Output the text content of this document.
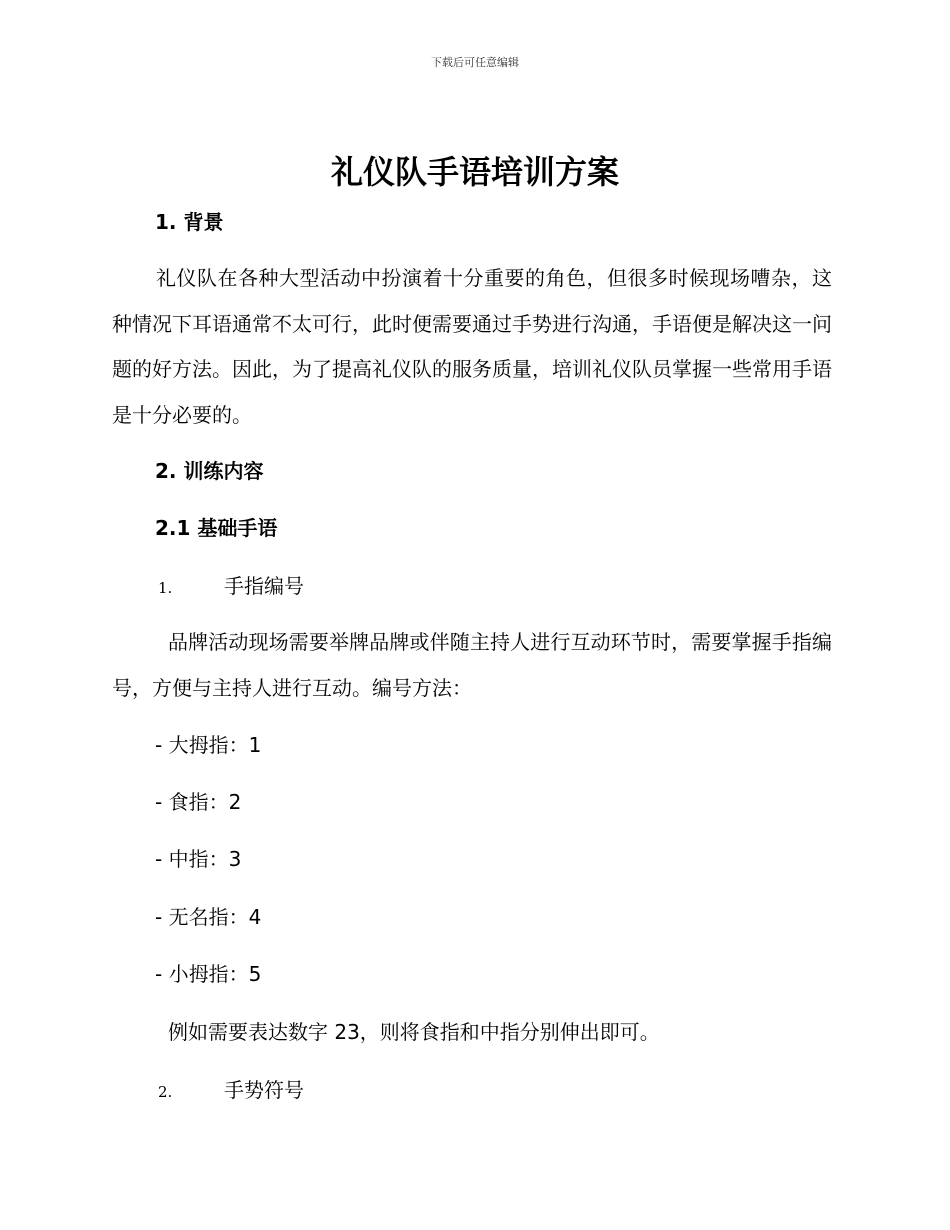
下载后可任意编辑
礼仪队手语培训方案
1. 背景
礼仪队在各种大型活动中扮演着十分重要的角色，但很多时候现场嘈杂，这种情况下耳语通常不太可行，此时便需要通过手势进行沟通，手语便是解决这一问题的好方法。因此，为了提高礼仪队的服务质量，培训礼仪队员掌握一些常用手语是十分必要的。
2. 训练内容
2.1 基础手语
1.	手指编号
品牌活动现场需要举牌品牌或伴随主持人进行互动环节时，需要掌握手指编号，方便与主持人进行互动。编号方法：
- 大拇指：1
- 食指：2
- 中指：3
- 无名指：4
- 小拇指：5
例如需要表达数字 23，则将食指和中指分别伸出即可。
2.	手势符号
